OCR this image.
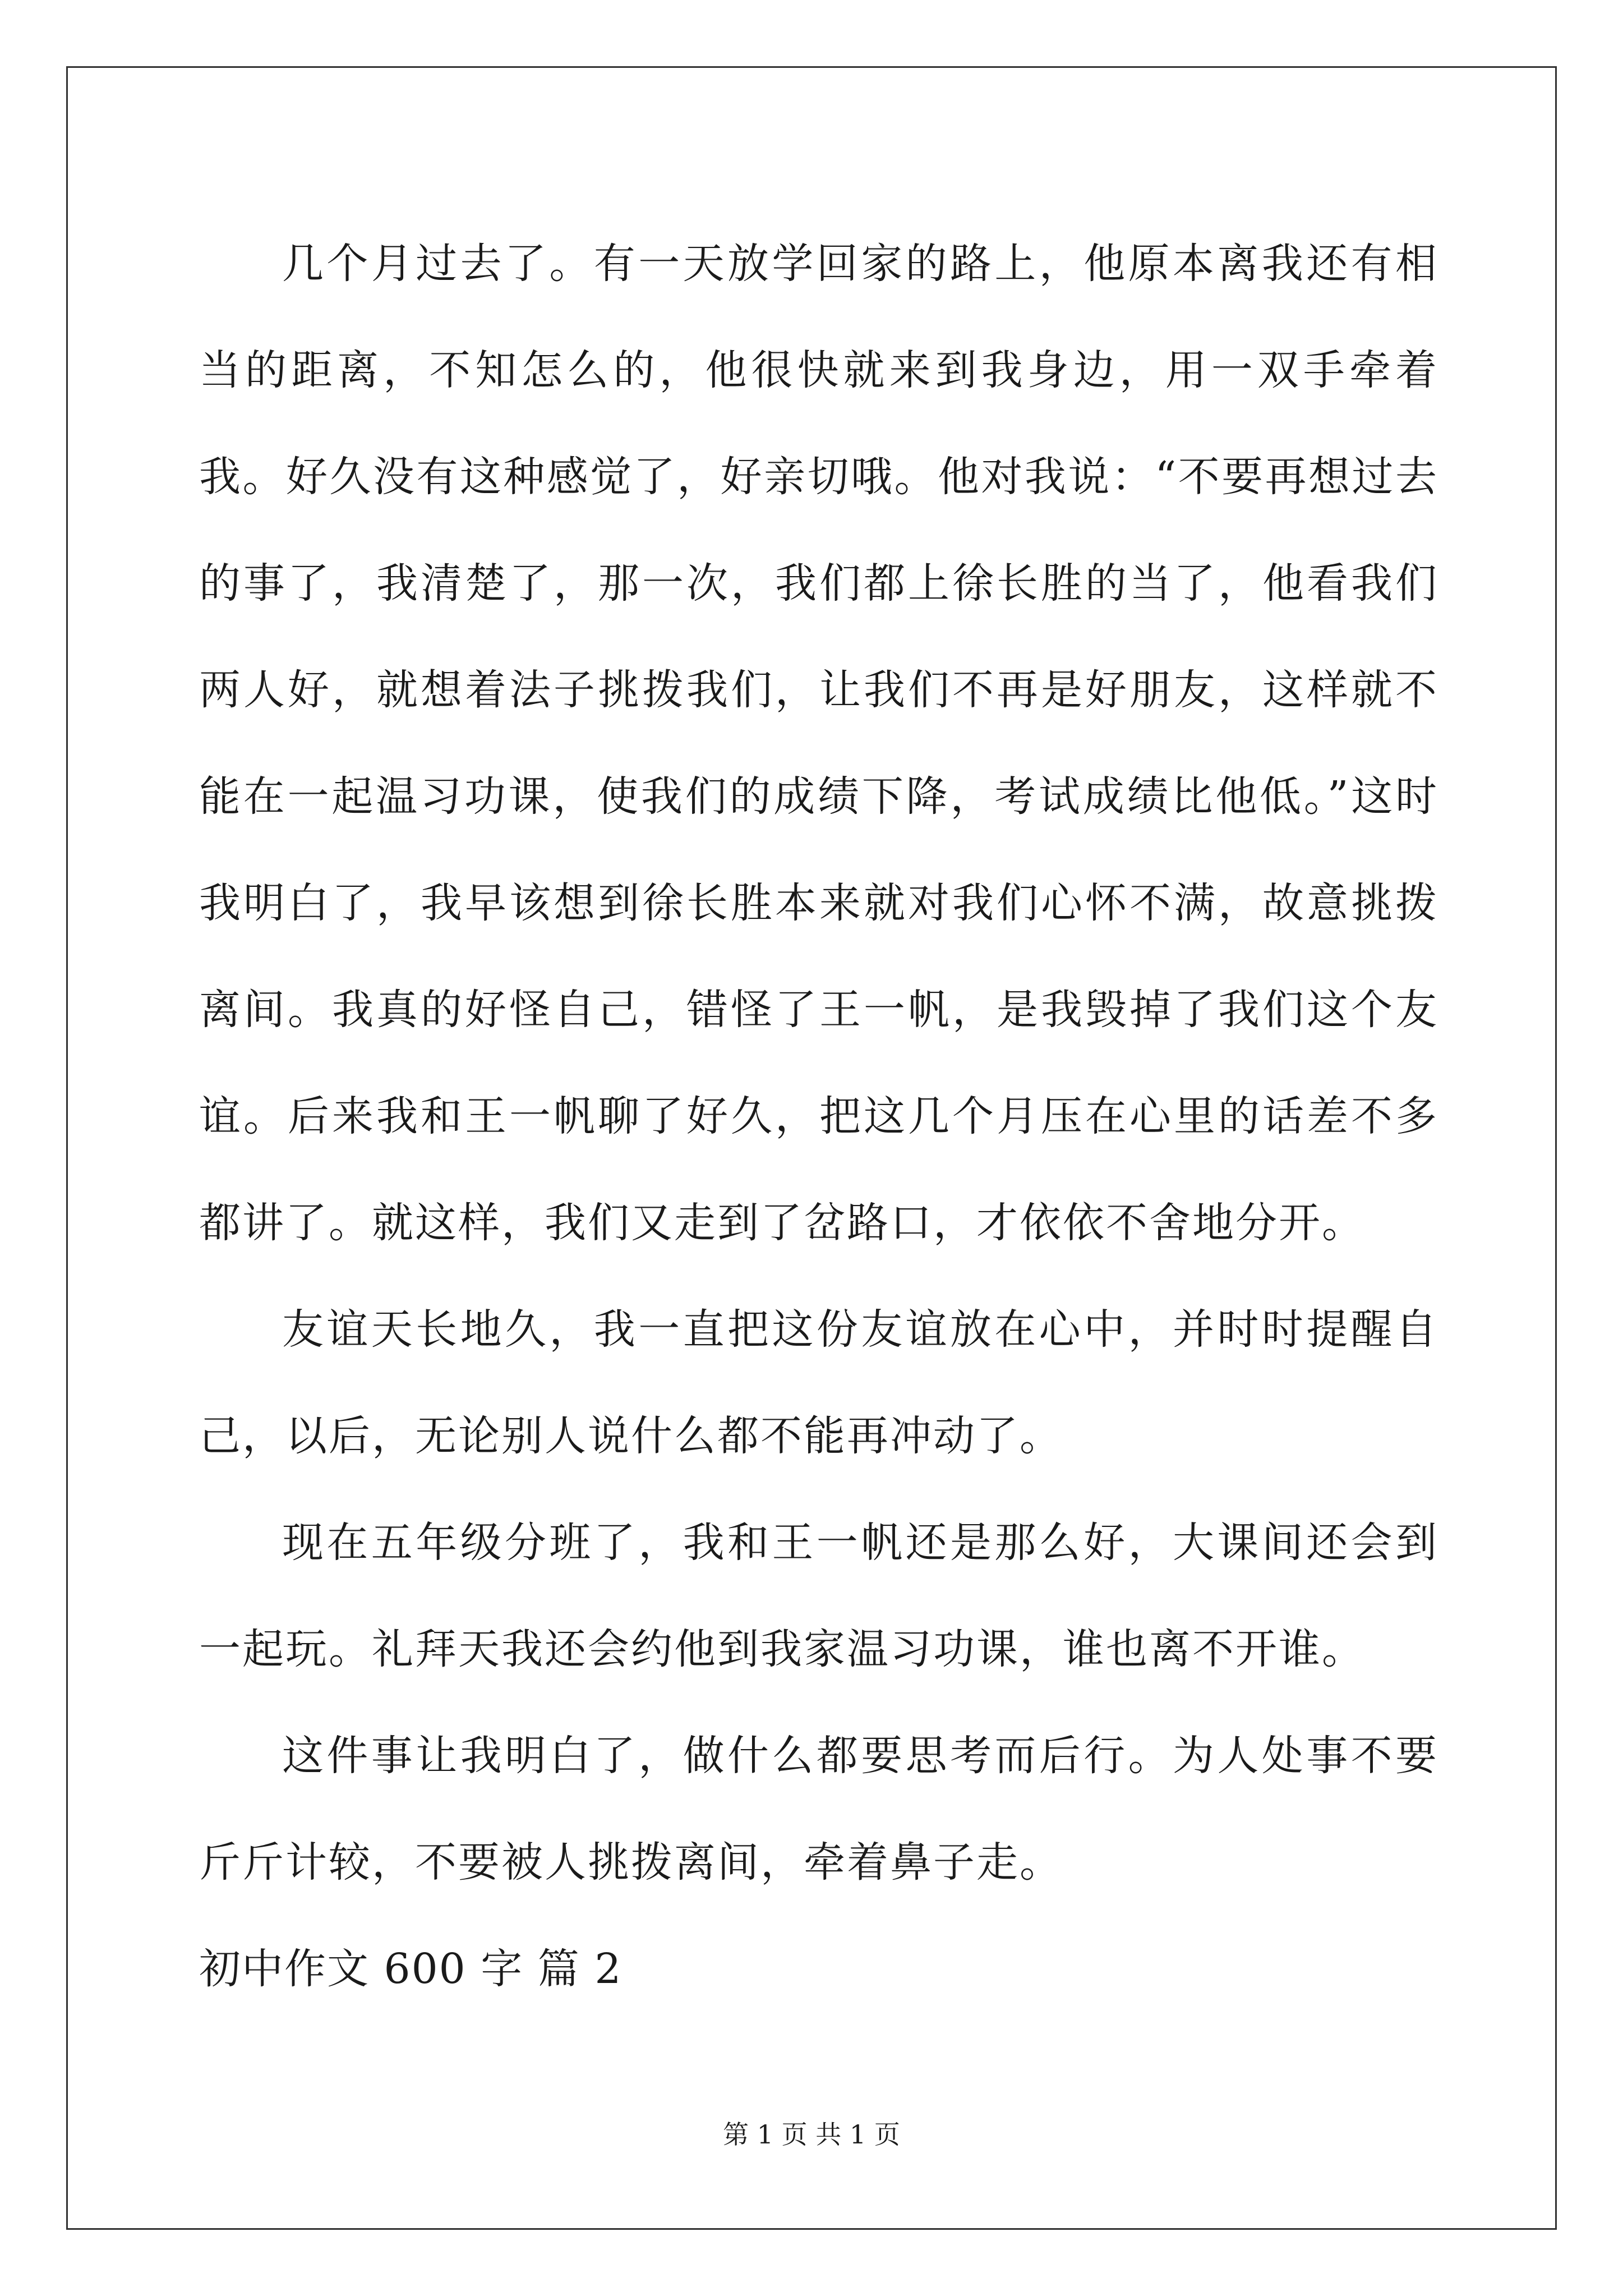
几个月过去了。有一天放学回家的路上，他原本离我还有相当的距离，不知怎么的，他很快就来到我身边，用一双手牵着我。好久没有这种感觉了，好亲切哦。他对我说：“不要再想过去的事了，我清楚了，那一次，我们都上徐长胜的当了，他看我们两人好，就想着法子挑拨我们，让我们不再是好朋友，这样就不能在一起温习功课，使我们的成绩下降，考试成绩比他低。”这时我明白了，我早该想到徐长胜本来就对我们心怀不满，故意挑拨离间。我真的好怪自己，错怪了王一帆，是我毁掉了我们这个友谊。后来我和王一帆聊了好久，把这几个月压在心里的话差不多都讲了。就这样，我们又走到了岔路口，才依依不舍地分开。

友谊天长地久，我一直把这份友谊放在心中，并时时提醒自己，以后，无论别人说什么都不能再冲动了。

现在五年级分班了，我和王一帆还是那么好，大课间还会到一起玩。礼拜天我还会约他到我家温习功课，谁也离不开谁。

这件事让我明白了，做什么都要思考而后行。为人处事不要斤斤计较，不要被人挑拨离间，牵着鼻子走。

初中作文 600 字 篇 2

第 1 页 共 1 页
